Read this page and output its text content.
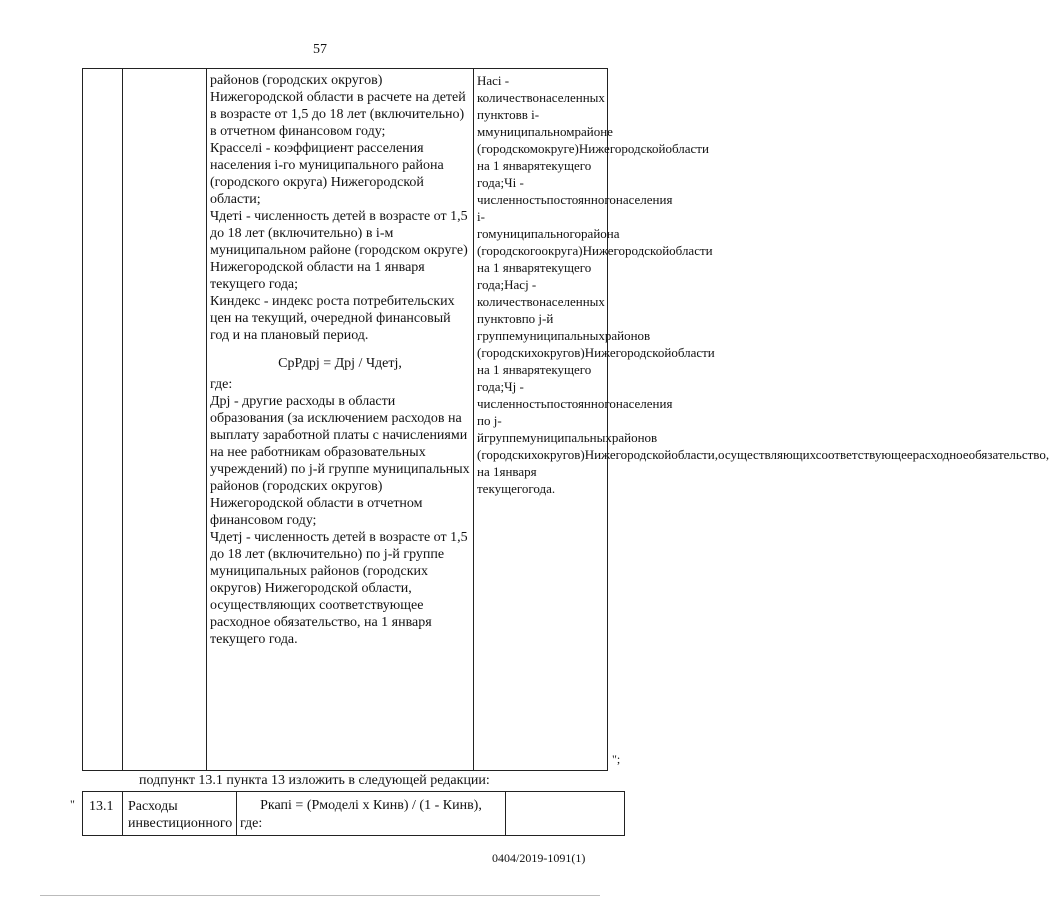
57
районов (городских округов)
Нижегородской области в расчете на детей
в возрасте от 1,5 до 18 лет (включительно)
в отчетном финансовом году;
Красселі - коэффициент расселения
населения і-го муниципального района
(городского округа) Нижегородской
области;
Чдеті - численность детей в возрасте от 1,5
до 18 лет (включительно) в і-м
муниципальном районе (городском округе)
Нижегородской области на 1 января
текущего года;
Киндекс - индекс роста потребительских
цен на текущий, очередной финансовый
год и на плановый период.
СрРдрj = Дрj / Чдетj,
где:
Дрj - другие расходы в области
образования (за исключением расходов на
выплату заработной платы с начислениями
на нее работникам образовательных
учреждений) по j-й группе муниципальных
районов (городских округов)
Нижегородской области в отчетном
финансовом году;
Чдетj - численность детей в возрасте от 1,5
до 18 лет (включительно) по j-й группе
муниципальных районов (городских
округов) Нижегородской области,
осуществляющих соответствующее
расходное обязательство, на 1 января
текущего года.
Насі - количествонаселенных пунктовв і-ммуниципальномрайоне (городскомокруге)Нижегородскойобласти на 1 январятекущего года;Чі - численностьпостоянногонаселения і-гомуниципальногорайона (городскогоокруга)Нижегородскойобласти на 1 январятекущего года;Насj - количествонаселенных пунктовпо j-й группемуниципальныхрайонов (городскихокругов)Нижегородскойобласти на 1 январятекущего года;Чj - численностьпостоянногонаселения по j-йгруппемуниципальныхрайонов (городскихокругов)Нижегородскойобласти,осуществляющихсоответствующеерасходноеобязательство, на 1января текущегогода.
";
подпункт 13.1 пункта 13 изложить в следующей редакции:
" 13.1 Расходы
инвестиционного где:
Ркапі = (Рмоделі х Кинв) / (1 - Кинв),
0404/2019-1091(1)
